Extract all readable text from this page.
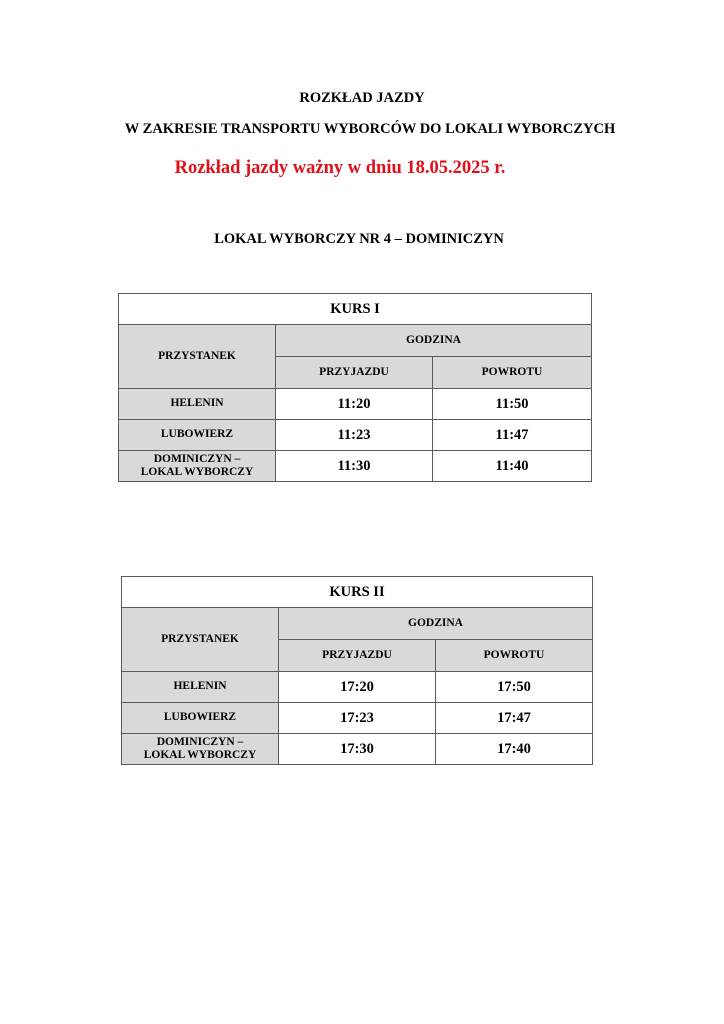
ROZKŁAD JAZDY
W ZAKRESIE TRANSPORTU WYBORCÓW DO LOKALI WYBORCZYCH
Rozkład jazdy ważny w dniu 18.05.2025 r.
LOKAL WYBORCZY NR 4 – DOMINICZYN
KURS I		
PRZYSTANEK	GODZINA	
	PRZYJAZDU	POWROTU
HELENIN	11:20	11:50
LUBOWIERZ	11:23	11:47

DOMINICZYN –
LOKAL WYBORCZY	11:30	11:40
KURS II		
PRZYSTANEK	GODZINA	
	PRZYJAZDU	POWROTU
HELENIN	17:20	17:50
LUBOWIERZ	17:23	17:47

DOMINICZYN –
LOKAL WYBORCZY	17:30	17:40
